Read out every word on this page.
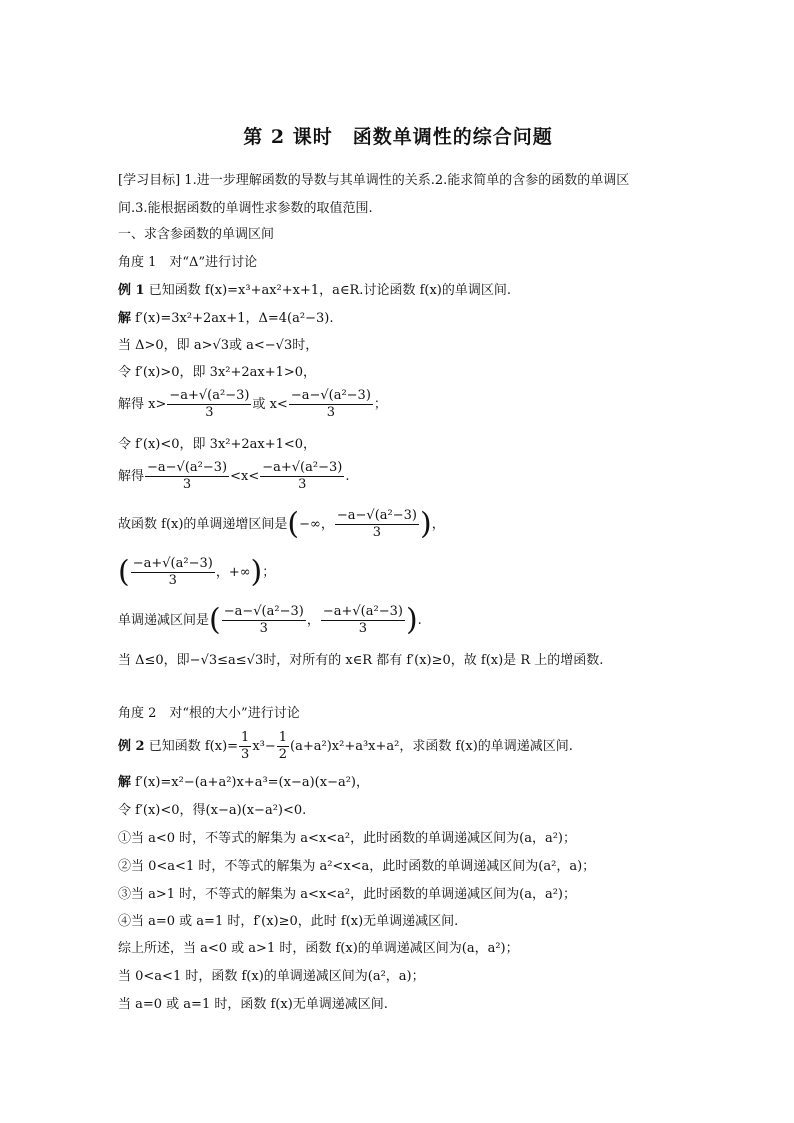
第 2 课时　函数单调性的综合问题
[学习目标] 1.进一步理解函数的导数与其单调性的关系.2.能求简单的含参的函数的单调区
间.3.能根据函数的单调性求参数的取值范围.
一、求含参函数的单调区间
角度 1　对“Δ”进行讨论
例 1 已知函数 f(x)=x³+ax²+x+1，a∈R.讨论函数 f(x)的单调区间.
解 f′(x)=3x²+2ax+1，Δ=4(a²−3).
当 Δ>0，即 a>√3或 a<−√3时，
令 f′(x)>0，即 3x²+2ax+1>0，
解得 $x> \frac{\text{−a+√(a²−3)}}{3}$ 或 $x< \frac{\text{−a−√(a²−3)}}{3}$ ；
令 f′(x)<0，即 3x²+2ax+1<0，
解得 $\frac{\text{−a−√(a²−3)}}{3} <x< \frac{\text{−a+√(a²−3)}}{3}$ .
故函数 f(x)的单调递增区间是(−∞， $\frac{\text{−a−√(a²−3)}}{3}$ )，
( $\frac{\text{−a+√(a²−3)}}{3}$ ，+∞)；
单调递减区间是( $\frac{\text{−a−√(a²−3)}}{3}$ ， $\frac{\text{−a+√(a²−3)}}{3}$ ).
当 Δ≤0，即−√3≤a≤√3时，对所有的 x∈R 都有 f′(x)≥0，故 f(x)是 R 上的增函数.
角度 2　对“根的大小”进行讨论
例 2 已知函数 $f(x)= \frac{1}{3} x^3- \frac{1}{2} (a+a^2)x^2+a^3x+a^2$，求函数 f(x)的单调递减区间.
解 f′(x)=x²−(a+a²)x+a³=(x−a)(x−a²)，
令 f′(x)<0，得(x−a)(x−a²)<0.
①当 a<0 时，不等式的解集为 a<x<a²，此时函数的单调递减区间为(a，a²)；
②当 0<a<1 时，不等式的解集为 a²<x<a，此时函数的单调递减区间为(a²，a)；
③当 a>1 时，不等式的解集为 a<x<a²，此时函数的单调递减区间为(a，a²)；
④当 a=0 或 a=1 时，f′(x)≥0，此时 f(x)无单调递减区间.
综上所述，当 a<0 或 a>1 时，函数 f(x)的单调递减区间为(a，a²)；
当 0<a<1 时，函数 f(x)的单调递减区间为(a²，a)；
当 a=0 或 a=1 时，函数 f(x)无单调递减区间.
